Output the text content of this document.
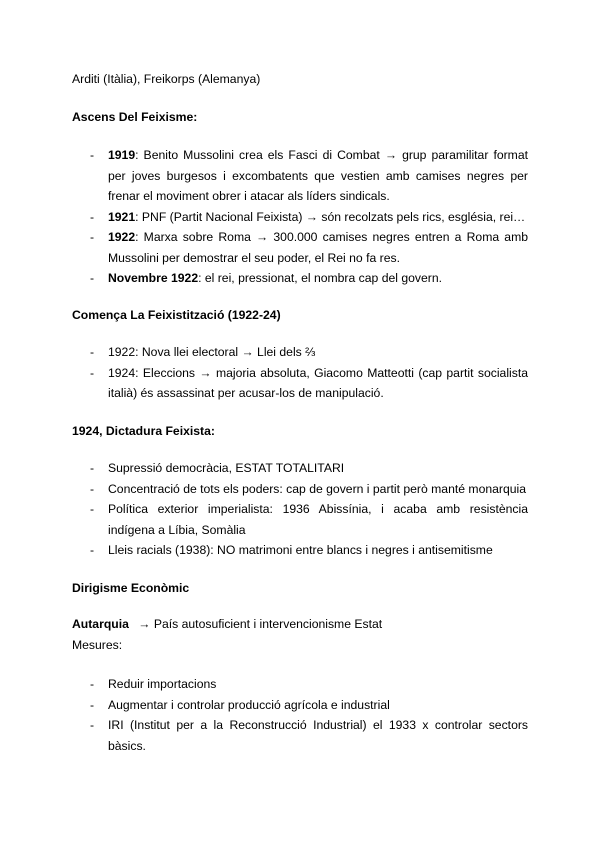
Arditi (Itàlia), Freikorps (Alemanya)
Ascens Del Feixisme:
- 1919: Benito Mussolini crea els Fasci di Combat → grup paramilitar format per joves burgesos i excombatents que vestien amb camises negres per frenar el moviment obrer i atacar als líders sindicals.
- 1921: PNF (Partit Nacional Feixista) → són recolzats pels rics, església, rei…
- 1922: Marxa sobre Roma → 300.000 camises negres entren a Roma amb Mussolini per demostrar el seu poder, el Rei no fa res.
- Novembre 1922: el rei, pressionat, el nombra cap del govern.
Comença La Feixistització (1922-24)
- 1922: Nova llei electoral → Llei dels ⅔
- 1924: Eleccions → majoria absoluta, Giacomo Matteotti (cap partit socialista italià) és assassinat per acusar-los de manipulació.
1924, Dictadura Feixista:
- Supressió democràcia, ESTAT TOTALITARI
- Concentració de tots els poders: cap de govern i partit però manté monarquia
- Política exterior imperialista: 1936 Abissínia, i acaba amb resistència indígena a Líbia, Somàlia
- Lleis racials (1938): NO matrimoni entre blancs i negres i antisemitisme
Dirigisme Econòmic
Autarquia → País autosuficient i intervencionisme Estat
Mesures:
- Reduir importacions
- Augmentar i controlar producció agrícola e industrial
- IRI (Institut per a la Reconstrucció Industrial) el 1933 x controlar sectors bàsics.
